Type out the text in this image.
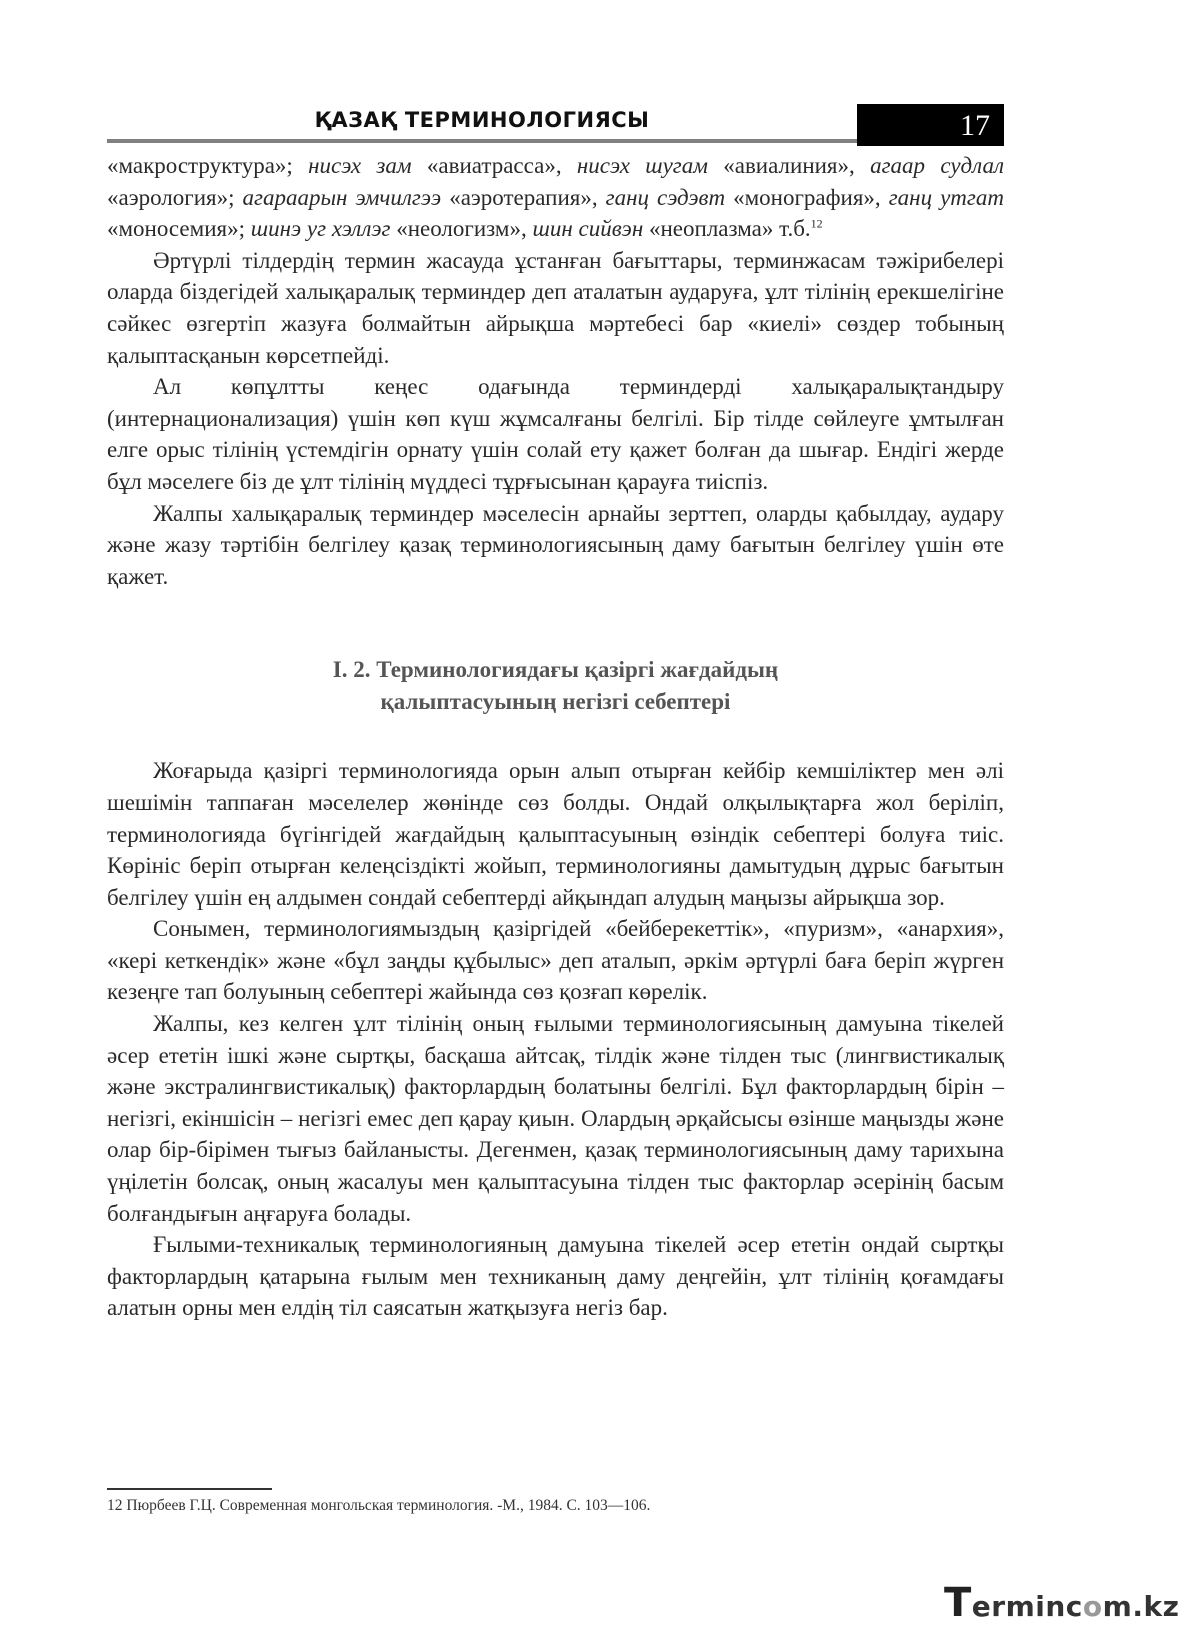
ҚАЗАҚ ТЕРМИНОЛОГИЯСЫ	17

«макроструктура»; нисэх зам «авиатрасса», нисэх шугам «авиалиния», агаар судлал «аэрология»; агараарын эмчилгээ «аэротерапия», ганц сэдэвт «монография», ганц утгат «моносемия»; шинэ уг хэллэг «неологизм», шин сийвэн «неоплазма» т.б.$^{12}$

Әртүрлі тілдердің термин жасауда ұстанған бағыттары, терминжасам тәжірибелері оларда біздегідей халықаралық терминдер деп аталатын аударуға, ұлт тілінің ерекшелігіне сәйкес өзгертіп жазуға болмайтын айрықша мәртебесі бар «киелі» сөздер тобының қалыптасқанын көрсетпейді.

Ал көпұлтты кеңес одағында терминдерді халықаралықтандыру (интернационализация) үшін көп күш жұмсалғаны белгілі. Бір тілде сөйлеуге ұмтылған елге орыс тілінің үстемдігін орнату үшін солай ету қажет болған да шығар. Ендігі жерде бұл мәселеге біз де ұлт тілінің мүддесі тұрғысынан қарауға тиіспіз.

Жалпы халықаралық терминдер мәселесін арнайы зерттеп, оларды қабылдау, аудару және жазу тәртібін белгілеу қазақ терминологиясының даму бағытын белгілеу үшін өте қажет.

I. 2. Терминологиядағы қазіргі жағдайдың
қалыптасуының негізгі себептері

Жоғарыда қазіргі терминологияда орын алып отырған кейбір кемшіліктер мен әлі шешімін таппаған мәселелер жөнінде сөз болды. Ондай олқылықтарға жол беріліп, терминологияда бүгінгідей жағдайдың қалыптасуының өзіндік себептері болуға тиіс. Көрініс беріп отырған келеңсіздікті жойып, терминологияны дамытудың дұрыс бағытын белгілеу үшін ең алдымен сондай себептерді айқындап алудың маңызы айрықша зор.

Сонымен, терминологиямыздың қазіргідей «бейберекеттік», «пуризм», «анархия», «кері кеткендік» және «бұл заңды құбылыс» деп аталып, әркім әртүрлі баға беріп жүрген кезеңге тап болуының себептері жайында сөз қозғап көрелік.

Жалпы, кез келген ұлт тілінің оның ғылыми терминологиясының дамуына тікелей әсер ететін ішкі және сыртқы, басқаша айтсақ, тілдік және тілден тыс (лингвистикалық және экстралингвистикалық) факторлардың болатыны белгілі. Бұл факторлардың бірін – негізгі, екіншісін – негізгі емес деп қарау қиын. Олардың әрқайсысы өзінше маңызды және олар бір-бірімен тығыз байланысты. Дегенмен, қазақ терминологиясының даму тарихына үңілетін болсақ, оның жасалуы мен қалыптасуына тілден тыс факторлар әсерінің басым болғандығын аңғаруға болады.

Ғылыми-техникалық терминологияның дамуына тікелей әсер ететін ондай сыртқы факторлардың қатарына ғылым мен техниканың даму деңгейін, ұлт тілінің қоғамдағы алатын орны мен елдің тіл саясатын жатқызуға негіз бар.

12 Пюрбеев Г.Ц. Современная монгольская терминология. -М., 1984. С. 103—106.
Termincom.kz
